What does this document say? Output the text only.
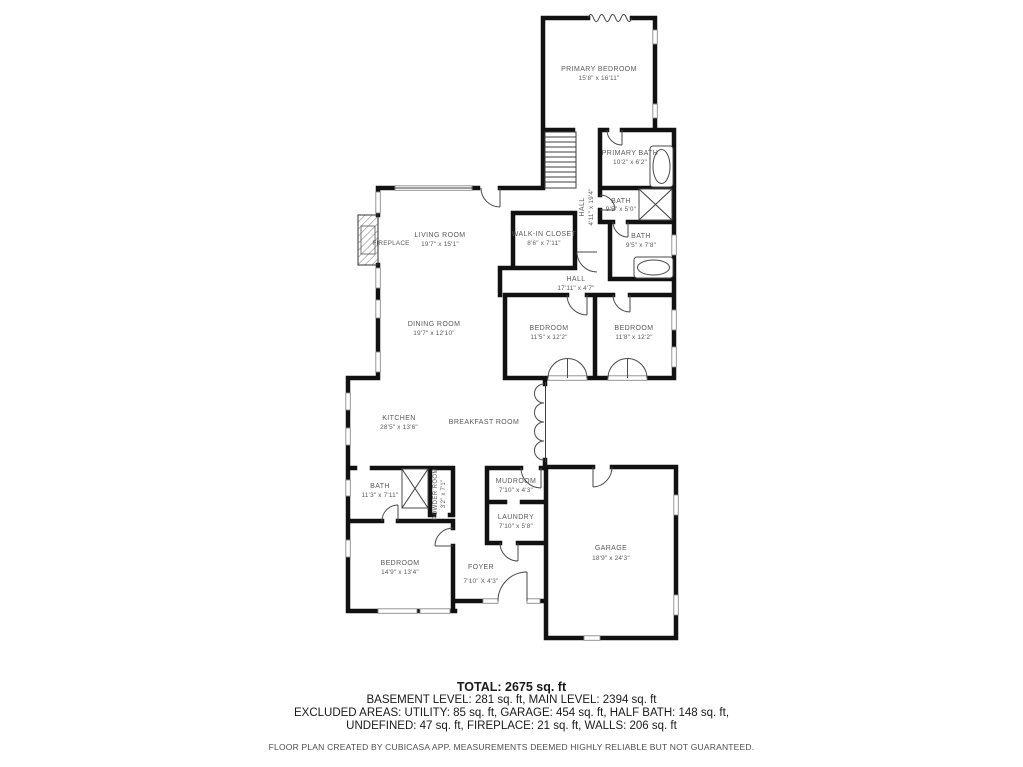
PRIMARY BEDROOM
15'8" x 16'11"
PRIMARY BATH
10'2" x 6'2"
BATH
9'5" x 5'0"
BATH
9'5" x 7'8"
HALL 4'11" x 19'4"
WALK-IN CLOSET
8'6" x 7'11"
HALL
17'11" x 4'7"
LIVING ROOM
19'7" x 15'1"
FIREPLACE
DINING ROOM
19'7" x 12'10"
BEDROOM
11'5" x 12'2"
BEDROOM
11'8" x 12'2"
KITCHEN
28'5" x 13'6"
BREAKFAST ROOM
BATH
11'3" x 7'11"	POWDER ROOM 3'2" x 7'1"	MUDROOM
7'10" x 4'3"
LAUNDRY
7'10" x 5'8"
BEDROOM
14'9" x 13'4"
FOYER
7'10" X 4'3"
GARAGE
18'9" x 24'3"
TOTAL: 2675 sq. ft
BASEMENT LEVEL: 281 sq. ft, MAIN LEVEL: 2394 sq. ft
EXCLUDED AREAS: UTILITY: 85 sq. ft, GARAGE: 454 sq. ft, HALF BATH: 148 sq. ft,
UNDEFINED: 47 sq. ft, FIREPLACE: 21 sq. ft, WALLS: 206 sq. ft
FLOOR PLAN CREATED BY CUBICASA APP. MEASUREMENTS DEEMED HIGHLY RELIABLE BUT NOT GUARANTEED.
